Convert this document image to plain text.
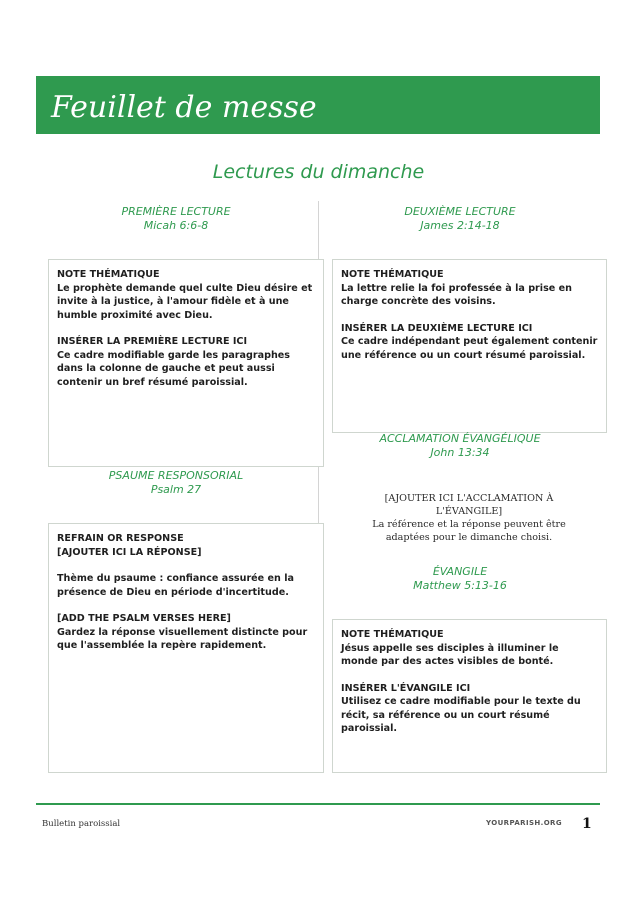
Feuillet de messe
Lectures du dimanche
PREMIÈRE LECTURE
Micah 6:6-8
NOTE THÉMATIQUE
Le prophète demande quel culte Dieu désire et invite à la justice, à l'amour fidèle et à une humble proximité avec Dieu.
INSÉRER LA PREMIÈRE LECTURE ICI
Ce cadre modifiable garde les paragraphes dans la colonne de gauche et peut aussi contenir un bref résumé paroissial.
PSAUME RESPONSORIAL
Psalm 27
REFRAIN OR RESPONSE
[AJOUTER ICI LA RÉPONSE]
Thème du psaume : confiance assurée en la présence de Dieu en période d'incertitude.
[ADD THE PSALM VERSES HERE]
Gardez la réponse visuellement distincte pour que l'assemblée la repère rapidement.
DEUXIÈME LECTURE
James 2:14-18
NOTE THÉMATIQUE
La lettre relie la foi professée à la prise en charge concrète des voisins.
INSÉRER LA DEUXIÈME LECTURE ICI
Ce cadre indépendant peut également contenir une référence ou un court résumé paroissial.
ACCLAMATION ÉVANGÉLIQUE
John 13:34
[AJOUTER ICI L'ACCLAMATION À L'ÉVANGILE]
La référence et la réponse peuvent être adaptées pour le dimanche choisi.
ÉVANGILE
Matthew 5:13-16
NOTE THÉMATIQUE
Jésus appelle ses disciples à illuminer le monde par des actes visibles de bonté.
INSÉRER L'ÉVANGILE ICI
Utilisez ce cadre modifiable pour le texte du récit, sa référence ou un court résumé paroissial.
Bulletin paroissial	YOURPARISH.ORG 1
